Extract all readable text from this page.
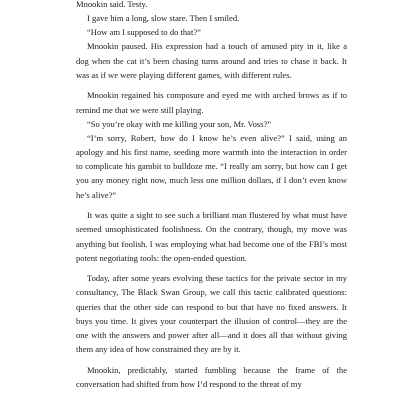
Mnookin said. Testy.

I gave him a long, slow stare. Then I smiled.

“How am I supposed to do that?”

Mnookin paused. His expression had a touch of amused pity in it, like a dog when the cat it’s been chasing turns around and tries to chase it back. It was as if we were playing different games, with different rules.

Mnookin regained his composure and eyed me with arched brows as if to remind me that we were still playing.

“So you’re okay with me killing your son, Mr. Voss?”

“I’m sorry, Robert, how do I know he’s even alive?” I said, using an apology and his first name, seeding more warmth into the interaction in order to complicate his gambit to bulldoze me. “I really am sorry, but how can I get you any money right now, much less one million dollars, if I don’t even know he’s alive?”

It was quite a sight to see such a brilliant man flustered by what must have seemed unsophisticated foolishness. On the contrary, though, my move was anything but foolish. I was employing what had become one of the FBI’s most potent negotiating tools: the open-ended question.

Today, after some years evolving these tactics for the private sector in my consultancy, The Black Swan Group, we call this tactic calibrated questions: queries that the other side can respond to but that have no fixed answers. It buys you time. It gives your counterpart the illusion of control—they are the one with the answers and power after all—and it does all that without giving them any idea of how constrained they are by it.

Mnookin, predictably, started fumbling because the frame of the conversation had shifted from how I’d respond to the threat of my
